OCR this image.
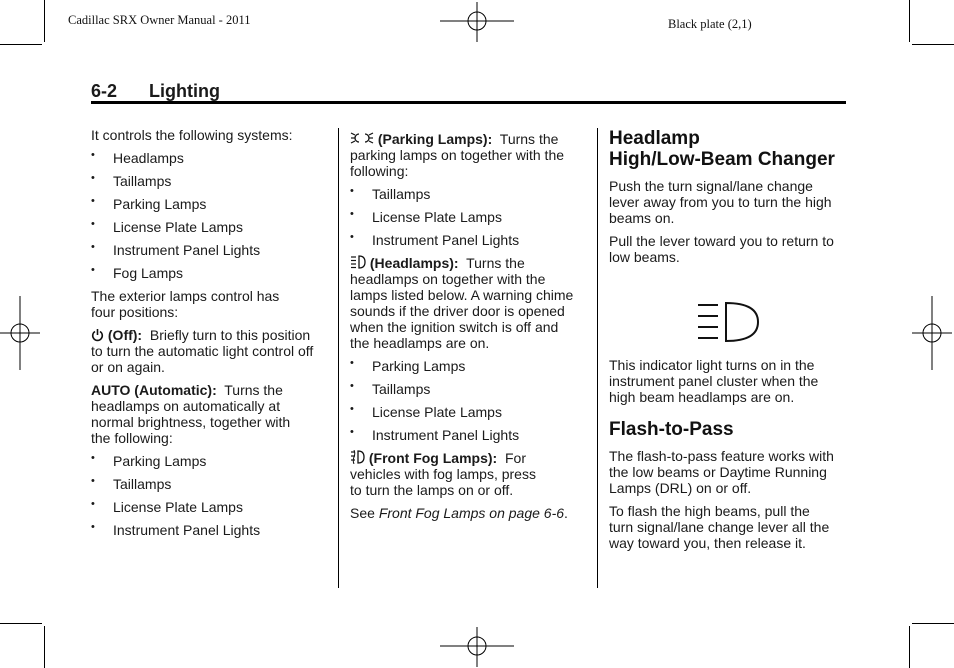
Cadillac SRX Owner Manual - 2011	Black plate (2,1)
6-2 Lighting

It controls the following systems:

• Headlamps

• Taillamps

• Parking Lamps

• License Plate Lamps

• Instrument Panel Lights

• Fog Lamps

The exterior lamps control has
four positions:

(Off): Briefly turn to this position
to turn the automatic light control off
or on again.

AUTO (Automatic): Turns the
headlamps on automatically at
normal brightness, together with
the following:

• Parking Lamps

• Taillamps

• License Plate Lamps

• Instrument Panel Lights

(Parking Lamps): Turns the
parking lamps on together with the
following:

• Taillamps

• License Plate Lamps

• Instrument Panel Lights

(Headlamps): Turns the
headlamps on together with the
lamps listed below. A warning chime
sounds if the driver door is opened
when the ignition switch is off and
the headlamps are on.

• Parking Lamps

• Taillamps

• License Plate Lamps

• Instrument Panel Lights

(Front Fog Lamps): For
vehicles with fog lamps, press
to turn the lamps on or off.

See Front Fog Lamps on page 6-6.

Headlamp
High/Low-Beam Changer

Push the turn signal/lane change
lever away from you to turn the high
beams on.

Pull the lever toward you to return to
low beams.

This indicator light turns on in the
instrument panel cluster when the
high beam headlamps are on.

Flash-to-Pass

The flash-to-pass feature works with
the low beams or Daytime Running
Lamps (DRL) on or off.

To flash the high beams, pull the
turn signal/lane change lever all the
way toward you, then release it.
